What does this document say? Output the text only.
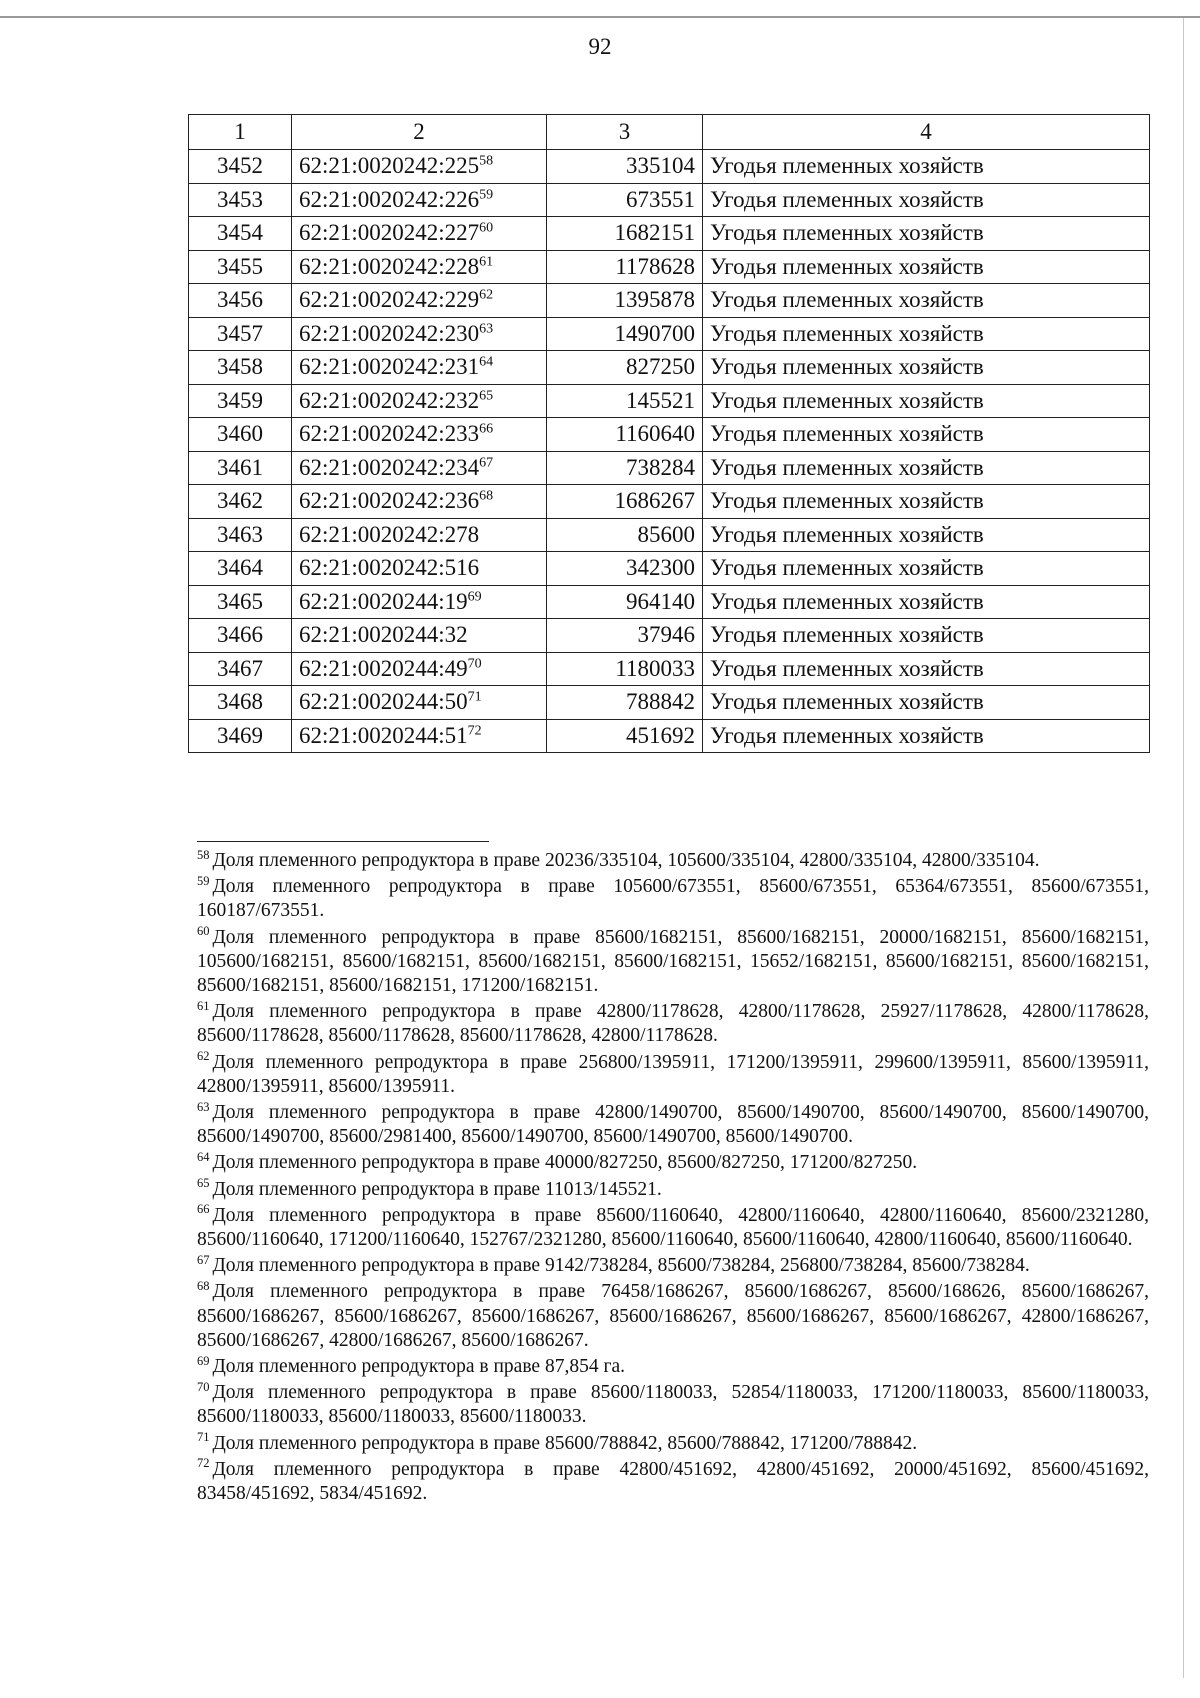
92
1	2	3	4
3452	$62:21:0020242:225^{58}$	335104	Угодья племенных хозяйств
3453	$62:21:0020242:226^{59}$	673551	Угодья племенных хозяйств
3454	$62:21:0020242:227^{60}$	1682151	Угодья племенных хозяйств
3455	$62:21:0020242:228^{61}$	1178628	Угодья племенных хозяйств
3456	$62:21:0020242:229^{62}$	1395878	Угодья племенных хозяйств
3457	$62:21:0020242:230^{63}$	1490700	Угодья племенных хозяйств
3458	$62:21:0020242:231^{64}$	827250	Угодья племенных хозяйств
3459	$62:21:0020242:232^{65}$	145521	Угодья племенных хозяйств
3460	$62:21:0020242:233^{66}$	1160640	Угодья племенных хозяйств
3461	$62:21:0020242:234^{67}$	738284	Угодья племенных хозяйств
3462	$62:21:0020242:236^{68}$	1686267	Угодья племенных хозяйств
3463	62:21:0020242:278	85600	Угодья племенных хозяйств
3464	62:21:0020242:516	342300	Угодья племенных хозяйств
3465	$62:21:0020244:19^{69}$	964140	Угодья племенных хозяйств
3466	62:21:0020244:32	37946	Угодья племенных хозяйств
3467	$62:21:0020244:49^{70}$	1180033	Угодья племенных хозяйств
3468	$62:21:0020244:50^{71}$	788842	Угодья племенных хозяйств
3469	$62:21:0020244:51^{72}$	451692	Угодья племенных хозяйств
$^{58}$ Доля племенного репродуктора в праве 20236/335104, 105600/335104, 42800/335104, 42800/335104.
$^{59}$ Доля племенного репродуктора в праве 105600/673551, 85600/673551, 65364/673551, 85600/673551, 160187/673551.
$^{60}$ Доля племенного репродуктора в праве 85600/1682151, 85600/1682151, 20000/1682151, 85600/1682151, 105600/1682151, 85600/1682151, 85600/1682151, 85600/1682151, 15652/1682151, 85600/1682151, 85600/1682151, 85600/1682151, 85600/1682151, 171200/1682151.
$^{61}$ Доля племенного репродуктора в праве 42800/1178628, 42800/1178628, 25927/1178628, 42800/1178628, 85600/1178628, 85600/1178628, 85600/1178628, 42800/1178628.
$^{62}$ Доля племенного репродуктора в праве 256800/1395911, 171200/1395911, 299600/1395911, 85600/1395911, 42800/1395911, 85600/1395911.
$^{63}$ Доля племенного репродуктора в праве 42800/1490700, 85600/1490700, 85600/1490700, 85600/1490700, 85600/1490700, 85600/2981400, 85600/1490700, 85600/1490700, 85600/1490700.
$^{64}$ Доля племенного репродуктора в праве 40000/827250, 85600/827250, 171200/827250.
$^{65}$ Доля племенного репродуктора в праве 11013/145521.
$^{66}$ Доля племенного репродуктора в праве 85600/1160640, 42800/1160640, 42800/1160640, 85600/2321280, 85600/1160640, 171200/1160640, 152767/2321280, 85600/1160640, 85600/1160640, 42800/1160640, 85600/1160640.
$^{67}$ Доля племенного репродуктора в праве 9142/738284, 85600/738284, 256800/738284, 85600/738284.
$^{68}$ Доля племенного репродуктора в праве 76458/1686267, 85600/1686267, 85600/168626, 85600/1686267, 85600/1686267, 85600/1686267, 85600/1686267, 85600/1686267, 85600/1686267, 85600/1686267, 42800/1686267, 85600/1686267, 42800/1686267, 85600/1686267.
$^{69}$ Доля племенного репродуктора в праве 87,854 га.
$^{70}$ Доля племенного репродуктора в праве 85600/1180033, 52854/1180033, 171200/1180033, 85600/1180033, 85600/1180033, 85600/1180033, 85600/1180033.
$^{71}$ Доля племенного репродуктора в праве 85600/788842, 85600/788842, 171200/788842.
$^{72}$ Доля племенного репродуктора в праве 42800/451692, 42800/451692, 20000/451692, 85600/451692, 83458/451692, 5834/451692.
